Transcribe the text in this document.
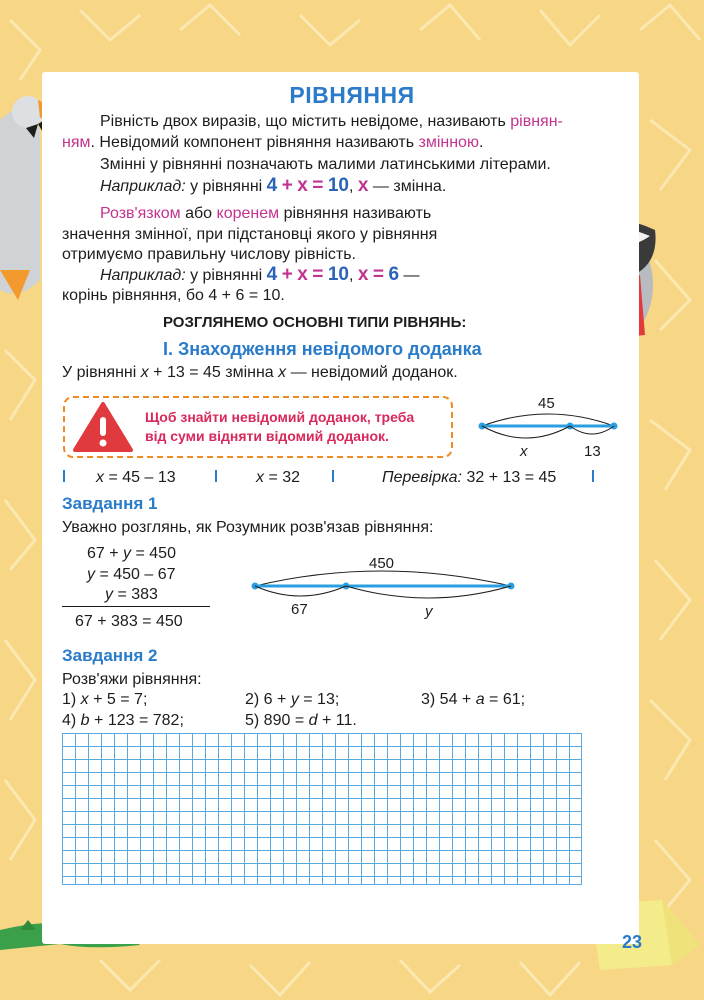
РІВНЯННЯ
Рівність двох виразів, що містить невідоме, називають рівнян-
ням. Невідомий компонент рівняння називають змінною.
Змінні у рівнянні позначають малими латинськими літерами.
Наприклад: у рівнянні 4 + x = 10, x — змінна.
Розв'язком або коренем рівняння називають
значення змінної, при підстановці якого у рівняння
отримуємо правильну числову рівність.
Наприклад: у рівнянні 4 + x = 10, x = 6 —
корінь рівняння, бо 4 + 6 = 10.
РОЗГЛЯНЕМО ОСНОВНІ ТИПИ РІВНЯНЬ:
І. Знаходження невідомого доданка
У рівнянні x + 13 = 45 змінна x — невідомий доданок.
Щоб знайти невідомий доданок, треба
від суми відняти відомий доданок.
45
x	13
x = 45 – 13	x = 32	Перевірка: 32 + 13 = 45
Завдання 1
Уважно розглянь, як Розумник розв'язав рівняння:
67 + y = 450
y = 450 – 67
y = 383
67 + 383 = 450
450
67	y
Завдання 2
Розв'яжи рівняння:
1) x + 5 = 7;	2) 6 + y = 13;	3) 54 + a = 61;
4) b + 123 = 782;	5) 890 = d + 11.
23
